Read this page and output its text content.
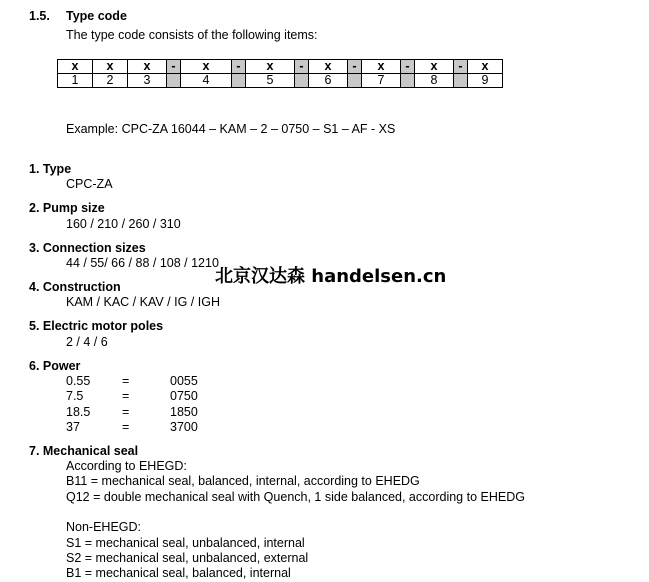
1.5. Type code
The type code consists of the following items:
x	x	x	-	x	-	x	-	x	-	x	-	x	-	x
1	2	3		4		5		6		7		8		9
Example: CPC-ZA 16044 – KAM – 2 – 0750 – S1 – AF - XS
1. Type
CPC-ZA
2. Pump size
160 / 210 / 260 / 310
3. Connection sizes
44 / 55/ 66 / 88 / 108 / 1210
北京汉达森 handelsen.cn
4. Construction
KAM / KAC / KAV / IG / IGH
5. Electric motor poles
2 / 4 / 6
6. Power
0.55	=	0055
7.5	=	0750
18.5	=	1850
37	=	3700
7. Mechanical seal
According to EHEGD:
B11 = mechanical seal, balanced, internal, according to EHEDG
Q12 = double mechanical seal with Quench, 1 side balanced, according to EHEDG
Non-EHEGD:
S1 = mechanical seal, unbalanced, internal
S2 = mechanical seal, unbalanced, external
B1 = mechanical seal, balanced, internal
